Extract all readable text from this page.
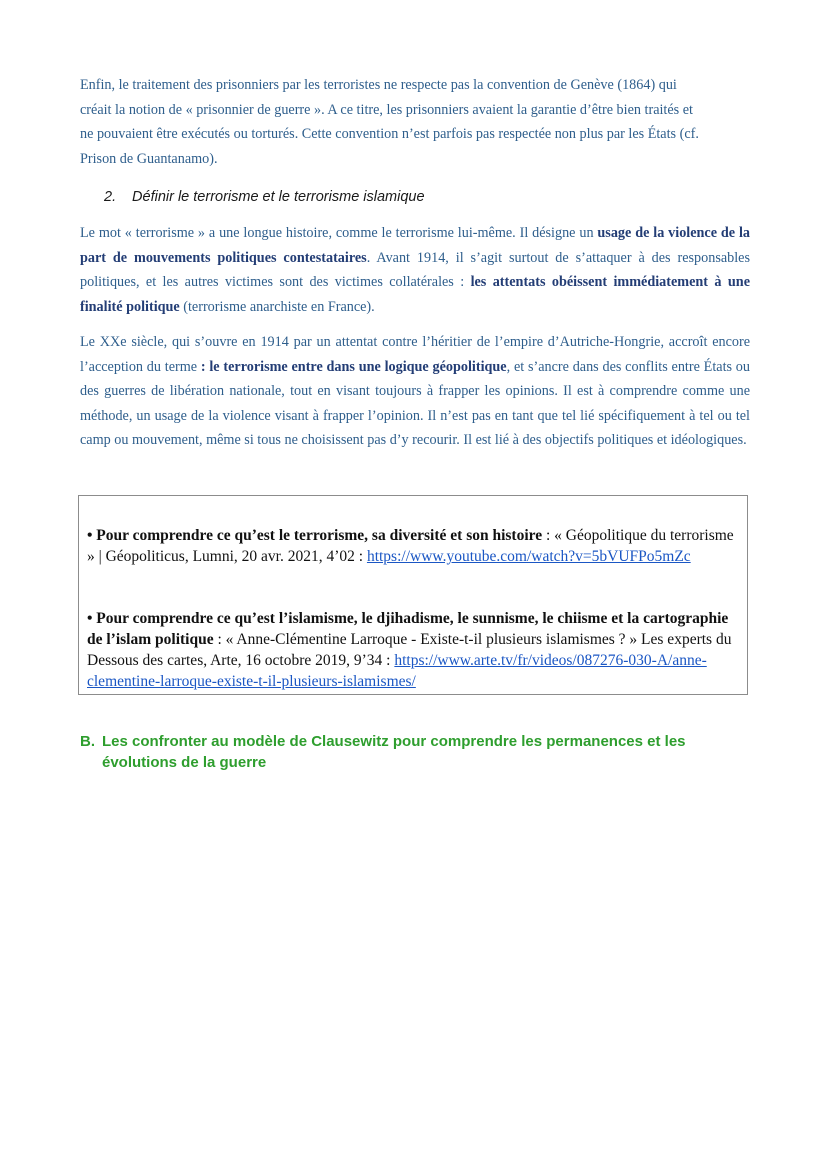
Enfin, le traitement des prisonniers par les terroristes ne respecte pas la convention de Genève (1864) qui
créait la notion de « prisonnier de guerre ». A ce titre, les prisonniers avaient la garantie d’être bien traités et
ne pouvaient être exécutés ou torturés. Cette convention n’est parfois pas respectée non plus par les États (cf.
Prison de Guantanamo).

2. Définir le terrorisme et le terrorisme islamique

Le mot « terrorisme » a une longue histoire, comme le terrorisme lui-même. Il désigne un usage de la violence de la part de mouvements politiques contestataires. Avant 1914, il s’agit surtout de s’attaquer à des responsables politiques, et les autres victimes sont des victimes collatérales : les attentats obéissent immédiatement à une finalité politique (terrorisme anarchiste en France).

Le XXe siècle, qui s’ouvre en 1914 par un attentat contre l’héritier de l’empire d’Autriche-Hongrie, accroît encore l’acception du terme : le terrorisme entre dans une logique géopolitique, et s’ancre dans des conflits entre États ou des guerres de libération nationale, tout en visant toujours à frapper les opinions. Il est à comprendre comme une méthode, un usage de la violence visant à frapper l’opinion. Il n’est pas en tant que tel lié spécifiquement à tel ou tel camp ou mouvement, même si tous ne choisissent pas d’y recourir. Il est lié à des objectifs politiques et idéologiques.

• Pour comprendre ce qu’est le terrorisme, sa diversité et son histoire : « Géopolitique du terrorisme » | Géopoliticus, Lumni, 20 avr. 2021, 4’02 : https://www.youtube.com/watch?v=5bVUFPo5mZc

• Pour comprendre ce qu’est l’islamisme, le djihadisme, le sunnisme, le chiisme et la cartographie de l’islam politique : « Anne-Clémentine Larroque - Existe-t-il plusieurs islamismes ? » Les experts du Dessous des cartes, Arte, 16 octobre 2019, 9’34 : https://www.arte.tv/fr/videos/087276-030-A/anne-clementine-larroque-existe-t-il-plusieurs-islamismes/

B. Les confronter au modèle de Clausewitz pour comprendre les permanences et les
évolutions de la guerre
